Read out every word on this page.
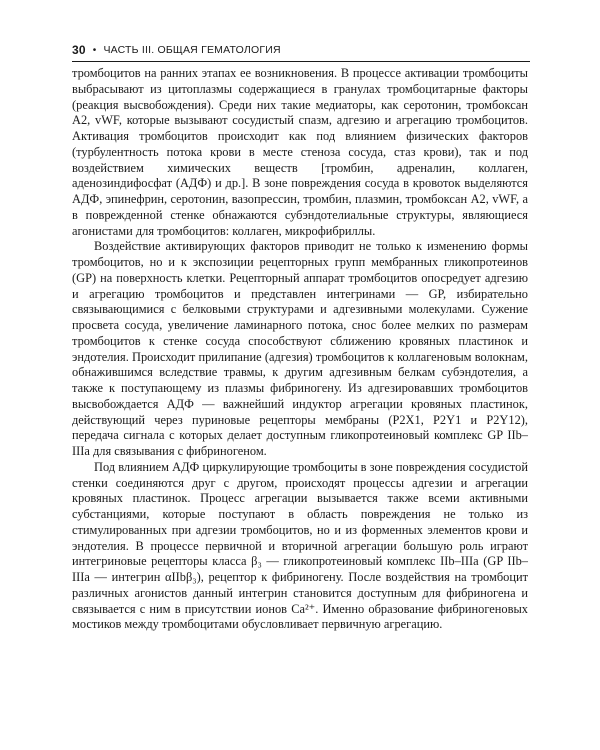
30 • ЧАСТЬ III. ОБЩАЯ ГЕМАТОЛОГИЯ

тромбоцитов на ранних этапах ее возникновения. В процессе активации тромбоциты выбрасывают из цитоплазмы содержащиеся в гранулах тромбоцитарные факторы (реакция высвобождения). Среди них такие медиаторы, как серотонин, тромбоксан А2, vWF, которые вызывают сосудистый спазм, адгезию и агрегацию тромбоцитов. Активация тромбоцитов происходит как под влиянием физических факторов (турбулентность потока крови в месте стеноза сосуда, стаз крови), так и под воздействием химических веществ [тромбин, адреналин, коллаген, аденозиндифосфат (АДФ) и др.]. В зоне повреждения сосуда в кровоток выделяются АДФ, эпинефрин, серотонин, вазопрессин, тромбин, плазмин, тромбоксан А2, vWF, а в поврежденной стенке обнажаются субэндотелиальные структуры, являющиеся агонистами для тромбоцитов: коллаген, микрофибриллы.

Воздействие активирующих факторов приводит не только к изменению формы тромбоцитов, но и к экспозиции рецепторных групп мембранных гликопротеинов (GP) на поверхность клетки. Рецепторный аппарат тромбоцитов опосредует адгезию и агрегацию тромбоцитов и представлен интегринами — GP, избирательно связывающимися с белковыми структурами и адгезивными молекулами. Сужение просвета сосуда, увеличение ламинарного потока, снос более мелких по размерам тромбоцитов к стенке сосуда способствуют сближению кровяных пластинок и эндотелия. Происходит прилипание (адгезия) тромбоцитов к коллагеновым волокнам, обнажившимся вследствие травмы, к другим адгезивным белкам субэндотелия, а также к поступающему из плазмы фибриногену. Из адгезировавших тромбоцитов высвобождается АДФ — важнейший индуктор агрегации кровяных пластинок, действующий через пуриновые рецепторы мембраны (P2X1, P2Y1 и P2Y12), передача сигнала с которых делает доступным гликопротеиновый комплекс GP IIb–IIIa для связывания с фибриногеном.

Под влиянием АДФ циркулирующие тромбоциты в зоне повреждения сосудистой стенки соединяются друг с другом, происходят процессы адгезии и агрегации кровяных пластинок. Процесс агрегации вызывается также всеми активными субстанциями, которые поступают в область повреждения не только из стимулированных при адгезии тромбоцитов, но и из форменных элементов крови и эндотелия. В процессе первичной и вторичной агрегации большую роль играют интегриновые рецепторы класса β₃ — гликопротеиновый комплекс IIb–IIIa (GP IIb–IIIa — интегрин αIIbβ₃), рецептор к фибриногену. После воздействия на тромбоцит различных агонистов данный интегрин становится доступным для фибриногена и связывается с ним в присутствии ионов Ca²⁺. Именно образование фибриногеновых мостиков между тромбоцитами обусловливает первичную агрегацию.
